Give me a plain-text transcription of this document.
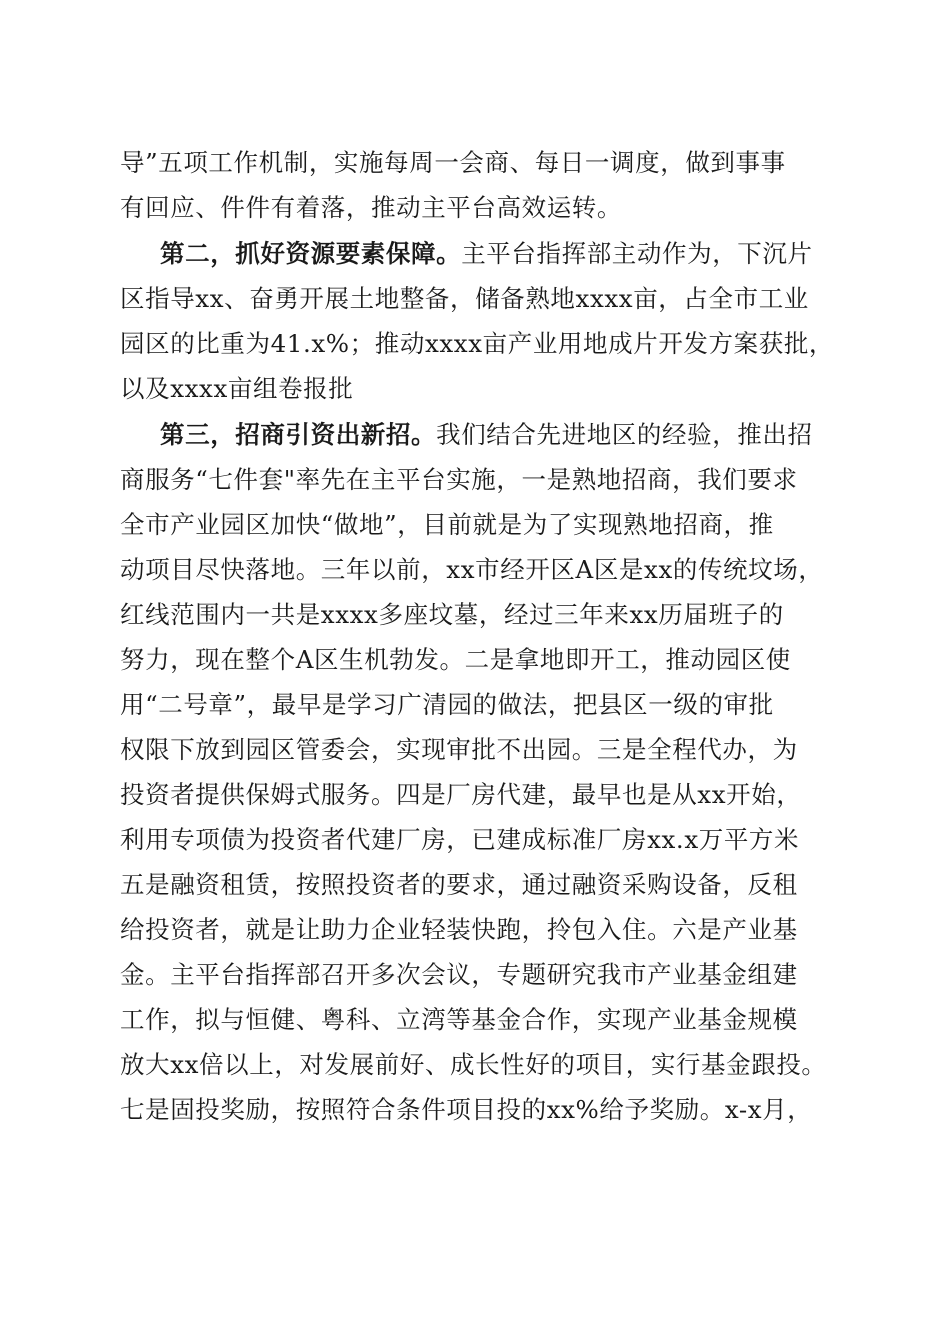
导”五项工作机制，实施每周一会商、每日一调度，做到事事
有回应、件件有着落，推动主平台高效运转。
第二，抓好资源要素保障。主平台指挥部主动作为，下沉片
区指导xx、奋勇开展土地整备，储备熟地xxxx亩，占全市工业
园区的比重为41.x%；推动xxxx亩产业用地成片开发方案获批，
以及xxxx亩组卷报批
第三，招商引资出新招。我们结合先进地区的经验，推出招
商服务“七件套"率先在主平台实施，一是熟地招商，我们要求
全市产业园区加快“做地”，目前就是为了实现熟地招商，推
动项目尽快落地。三年以前，xx市经开区A区是xx的传统坟场，
红线范围内一共是xxxx多座坟墓，经过三年来xx历届班子的
努力，现在整个A区生机勃发。二是拿地即开工，推动园区使
用“二号章”，最早是学习广清园的做法，把县区一级的审批
权限下放到园区管委会，实现审批不出园。三是全程代办，为
投资者提供保姆式服务。四是厂房代建，最早也是从xx开始，
利用专项债为投资者代建厂房，已建成标准厂房xx.x万平方米
五是融资租赁，按照投资者的要求，通过融资采购设备，反租
给投资者，就是让助力企业轻装快跑，拎包入住。六是产业基
金。主平台指挥部召开多次会议，专题研究我市产业基金组建
工作，拟与恒健、粤科、立湾等基金合作，实现产业基金规模
放大xx倍以上，对发展前好、成长性好的项目，实行基金跟投。
七是固投奖励，按照符合条件项目投的xx%给予奖励。x-x月，
